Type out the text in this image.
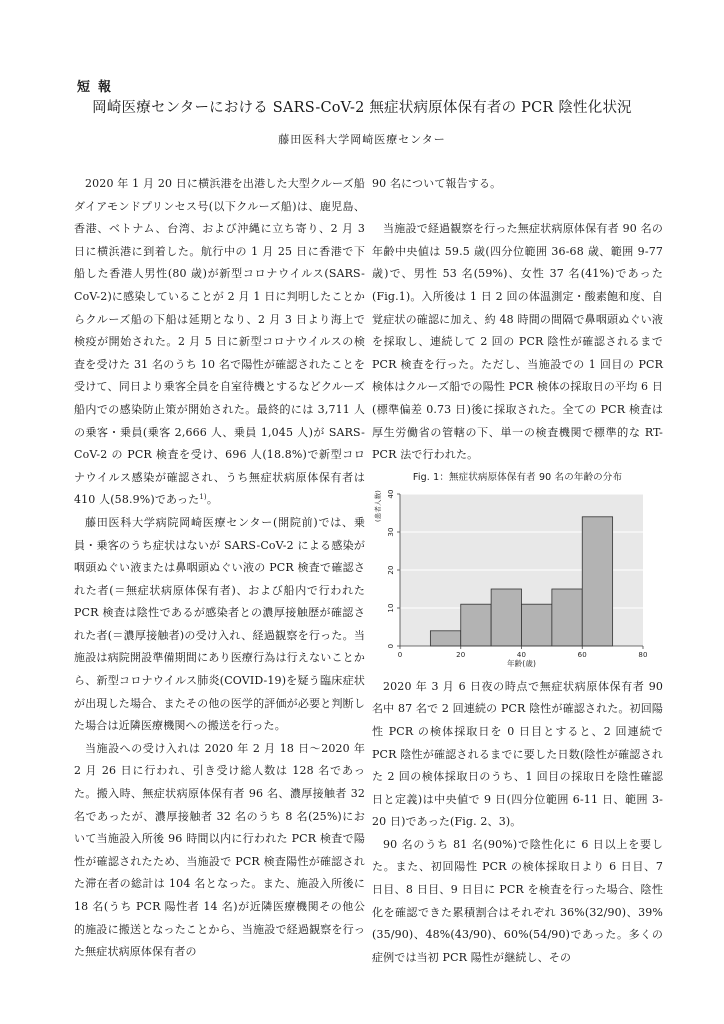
短報
岡崎医療センターにおける SARS-CoV-2 無症状病原体保有者の PCR 陰性化状況
藤田医科大学岡崎医療センター

2020 年 1 月 20 日に横浜港を出港した大型クルーズ船ダイアモンドプリンセス号(以下クルーズ船)は、鹿児島、香港、ベトナム、台湾、および沖縄に立ち寄り、2 月 3 日に横浜港に到着した。航行中の 1 月 25 日に香港で下船した香港人男性(80 歳)が新型コロナウイルス(SARS-CoV-2)に感染していることが 2 月 1 日に判明したことからクルーズ船の下船は延期となり、2 月 3 日より海上で検疫が開始された。2 月 5 日に新型コロナウイルスの検査を受けた 31 名のうち 10 名で陽性が確認されたことを受けて、同日より乗客全員を自室待機とするなどクルーズ船内での感染防止策が開始された。最終的には 3,711 人の乗客・乗員(乗客 2,666 人、乗員 1,045 人)が SARS-CoV-2 の PCR 検査を受け、696 人(18.8%)で新型コロナウイルス感染が確認され、うち無症状病原体保有者は 410 人(58.9%)であった$^{1)}$。

藤田医科大学病院岡崎医療センター(開院前)では、乗員・乗客のうち症状はないが SARS-CoV-2 による感染が咽頭ぬぐい液または鼻咽頭ぬぐい液の PCR 検査で確認された者(＝無症状病原体保有者)、および船内で行われた PCR 検査は陰性であるが感染者との濃厚接触歴が確認された者(＝濃厚接触者)の受け入れ、経過観察を行った。当施設は病院開設準備期間にあり医療行為は行えないことから、新型コロナウイルス肺炎(COVID-19)を疑う臨床症状が出現した場合、またその他の医学的評価が必要と判断した場合は近隣医療機関への搬送を行った。

当施設への受け入れは 2020 年 2 月 18 日～2020 年 2 月 26 日に行われ、引き受け総人数は 128 名であった。搬入時、無症状病原体保有者 96 名、濃厚接触者 32 名であったが、濃厚接触者 32 名のうち 8 名(25%)において当施設入所後 96 時間以内に行われた PCR 検査で陽性が確認されたため、当施設で PCR 検査陽性が確認された滞在者の総計は 104 名となった。また、施設入所後に 18 名(うち PCR 陽性者 14 名)が近隣医療機関その他公的施設に搬送となったことから、当施設で経過観察を行った無症状病原体保有者の

90 名について報告する。

当施設で経過観察を行った無症状病原体保有者 90 名の年齢中央値は 59.5 歳(四分位範囲 36-68 歳、範囲 9-77 歳)で、男性 53 名(59%)、女性 37 名(41%)であった(Fig.1)。入所後は 1 日 2 回の体温測定・酸素飽和度、自覚症状の確認に加え、約 48 時間の間隔で鼻咽頭ぬぐい液を採取し、連続して 2 回の PCR 陰性が確認されるまで PCR 検査を行った。ただし、当施設での 1 回目の PCR 検体はクルーズ船での陽性 PCR 検体の採取日の平均 6 日(標準偏差 0.73 日)後に採取された。全ての PCR 検査は厚生労働省の管轄の下、単一の検査機関で標準的な RT-PCR 法で行われた。

Fig. 1：無症状病原体保有者 90 名の年齢の分布
0
10
20
30
40
0	20	40	60	80
年齢(歳)
(患者人数)

2020 年 3 月 6 日夜の時点で無症状病原体保有者 90 名中 87 名で 2 回連続の PCR 陰性が確認された。初回陽性 PCR の検体採取日を 0 日目とすると、2 回連続で PCR 陰性が確認されるまでに要した日数(陰性が確認された 2 回の検体採取日のうち、1 回目の採取日を陰性確認日と定義)は中央値で 9 日(四分位範囲 6-11 日、範囲 3-20 日)であった(Fig. 2、3)。

90 名のうち 81 名(90%)で陰性化に 6 日以上を要した。また、初回陽性 PCR の検体採取日より 6 日目、7 日目、8 日目、9 日目に PCR を検査を行った場合、陰性化を確認できた累積割合はそれぞれ 36%(32/90)、39%(35/90)、48%(43/90)、60%(54/90)であった。多くの症例では当初 PCR 陽性が継続し、その
